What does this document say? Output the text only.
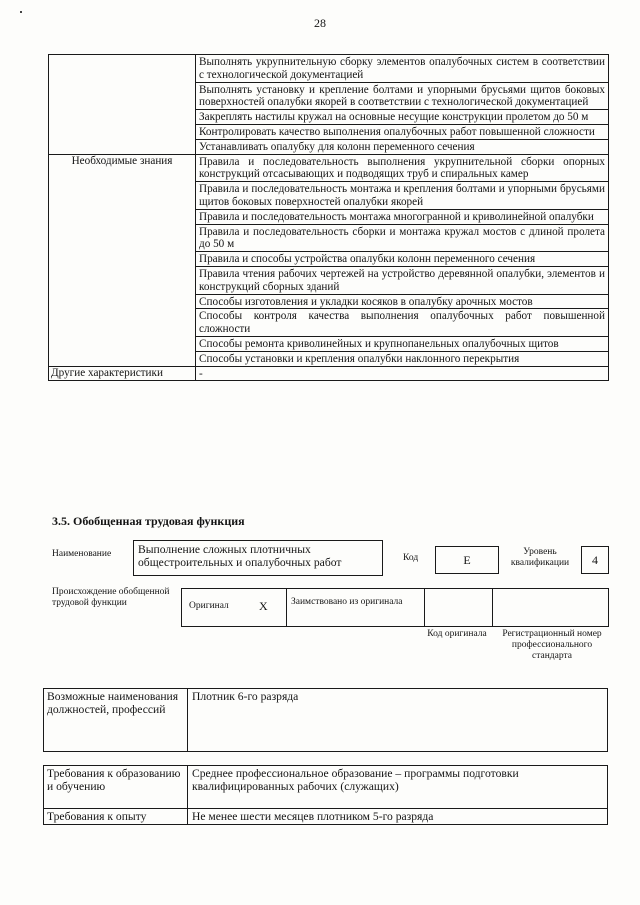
28

	Выполнять укрупнительную сборку элементов опалубочных систем в соответствии с технологической документацией

	Выполнять установку и крепление болтами и упорными брусьями щитов боковых поверхностей опалубки якорей в соответствии с технологической документацией

	Закреплять настилы кружал на основные несущие конструкции пролетом до 50 м

	Контролировать качество выполнения опалубочных работ повышенной сложности

	Устанавливать опалубку для колонн переменного сечения

Необходимые знания	Правила и последовательность выполнения укрупнительной сборки опорных конструкций отсасывающих и подводящих труб и спиральных камер

	Правила и последовательность монтажа и крепления болтами и упорными брусьями щитов боковых поверхностей опалубки якорей

	Правила и последовательность монтажа многогранной и криволинейной опалубки

	Правила и последовательность сборки и монтажа кружал мостов с длиной пролета до 50 м

	Правила и способы устройства опалубки колонн переменного сечения

	Правила чтения рабочих чертежей на устройство деревянной опалубки, элементов и конструкций сборных зданий

	Способы изготовления и укладки косяков в опалубку арочных мостов

	Способы контроля качества выполнения опалубочных работ повышенной сложности

	Способы ремонта криволинейных и крупнопанельных опалубочных щитов

	Способы установки и крепления опалубки наклонного перекрытия

Другие характеристики	-
3.5. Обобщенная трудовая функция
Наименование	Выполнение сложных плотничных общестроительных и опалубочных работ	Код	E
Уровень квалификации	4
Происхождение обобщенной трудовой функции	Оригинал	X Заимствовано из оригинала
Код оригинала	Регистрационный номер профессионального стандарта
Возможные наименования должностей, профессий	Плотник 6-го разряда
Требования к образованию и обучению	Среднее профессиональное образование – программы подготовки квалифицированных рабочих (служащих)
Требования к опыту	Не менее шести месяцев плотником 5-го разряда
